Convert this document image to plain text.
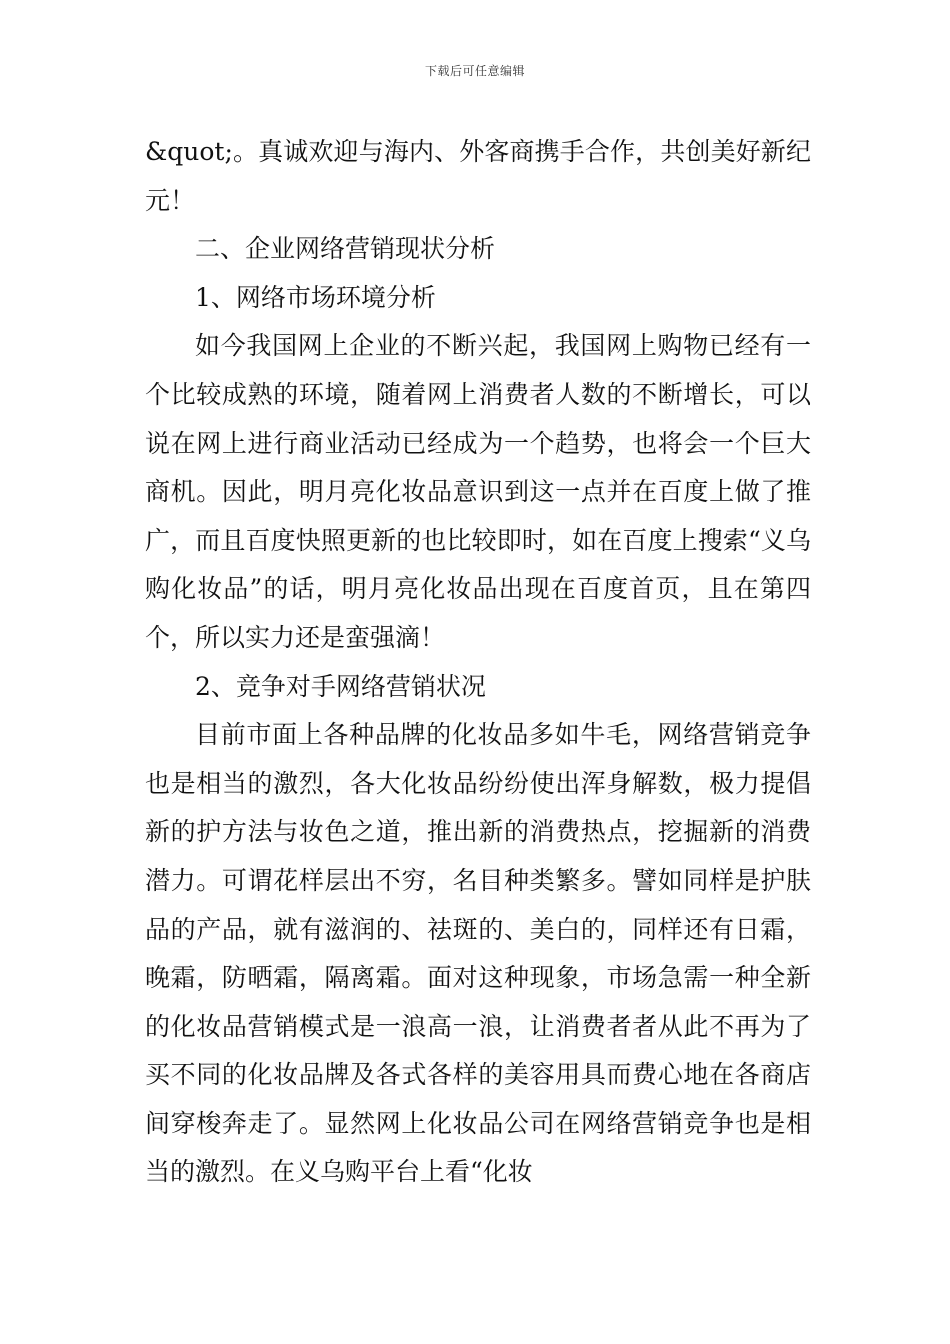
下载后可任意编辑

&quot;。真诚欢迎与海内、外客商携手合作，共创美好新纪元！

二、企业网络营销现状分析

1、网络市场环境分析

如今我国网上企业的不断兴起，我国网上购物已经有一个比较成熟的环境，随着网上消费者人数的不断增长，可以说在网上进行商业活动已经成为一个趋势，也将会一个巨大商机。因此，明月亮化妆品意识到这一点并在百度上做了推广，而且百度快照更新的也比较即时，如在百度上搜索“义乌购化妆品”的话，明月亮化妆品出现在百度首页，且在第四个，所以实力还是蛮强滴！

2、竞争对手网络营销状况

目前市面上各种品牌的化妆品多如牛毛，网络营销竞争也是相当的激烈，各大化妆品纷纷使出浑身解数，极力提倡新的护方法与妆色之道，推出新的消费热点，挖掘新的消费潜力。可谓花样层出不穷，名目种类繁多。譬如同样是护肤品的产品，就有滋润的、祛斑的、美白的，同样还有日霜，晚霜，防晒霜，隔离霜。面对这种现象，市场急需一种全新的化妆品营销模式是一浪高一浪，让消费者者从此不再为了买不同的化妆品牌及各式各样的美容用具而费心地在各商店间穿梭奔走了。显然网上化妆品公司在网络营销竞争也是相当的激烈。在义乌购平台上看“化妆
